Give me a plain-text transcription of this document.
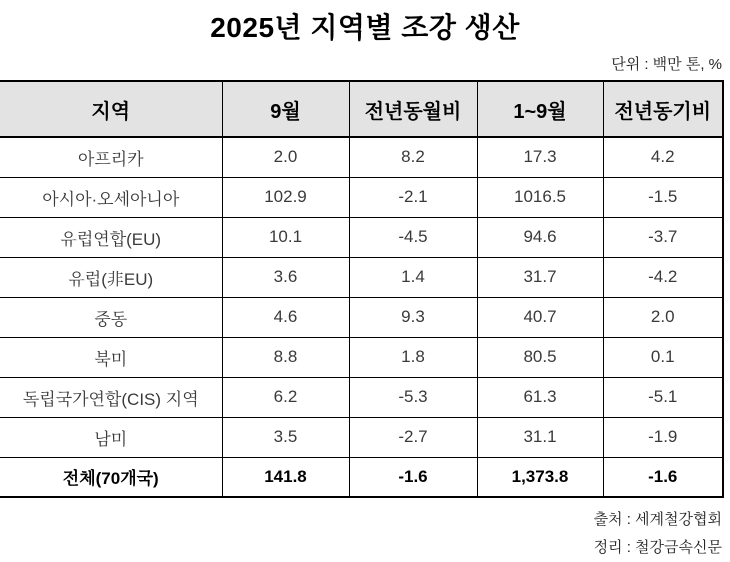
2025년 지역별 조강 생산
단위 : 백만 톤, %
지역	9월	전년동월비	1~9월	전년동기비
아프리카	2.0	8.2	17.3	4.2
아시아·오세아니아	102.9	-2.1	1016.5	-1.5
유럽연합(EU)	10.1	-4.5	94.6	-3.7
유럽(非EU)	3.6	1.4	31.7	-4.2
중동	4.6	9.3	40.7	2.0
북미	8.8	1.8	80.5	0.1
독립국가연합(CIS) 지역	6.2	-5.3	61.3	-5.1
남미	3.5	-2.7	31.1	-1.9
전체(70개국)	141.8	-1.6	1,373.8	-1.6
출처 : 세계철강협회
정리 : 철강금속신문
